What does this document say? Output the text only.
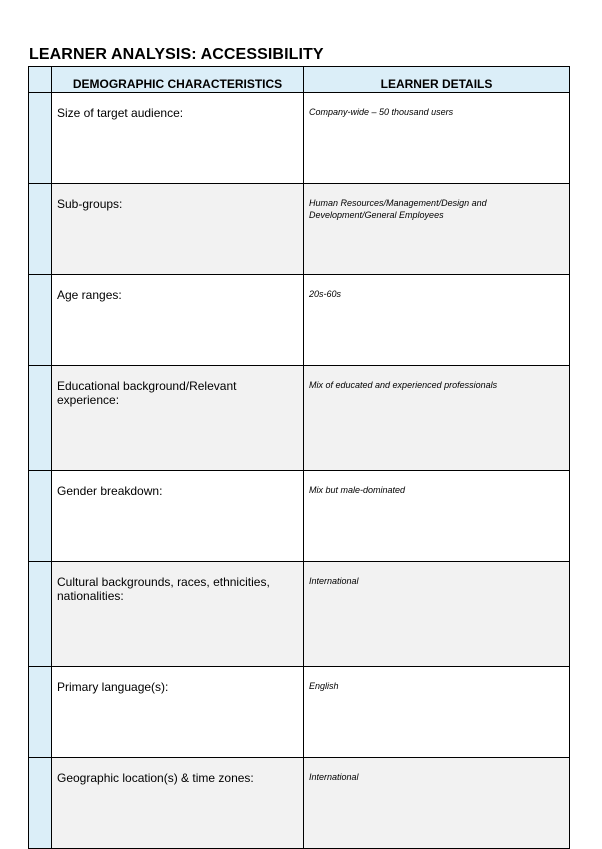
LEARNER ANALYSIS: ACCESSIBILITY
	DEMOGRAPHIC CHARACTERISTICS	LEARNER DETAILS
	Size of target audience:	Company-wide – 50 thousand users
	Sub-groups:	Human Resources/Management/Design and Development/General Employees
	Age ranges:	20s-60s
	Educational background/Relevant experience:	Mix of educated and experienced professionals
	Gender breakdown:	Mix but male-dominated
	Cultural backgrounds, races, ethnicities, nationalities:	International
	Primary language(s):	English
	Geographic location(s) & time zones:	International
